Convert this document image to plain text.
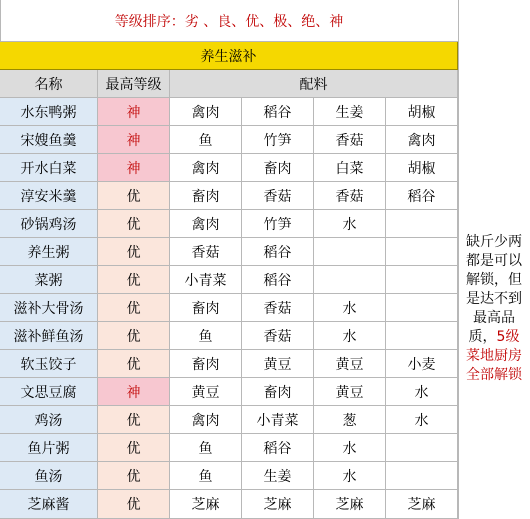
等级排序：劣 、良、优、极、绝、神
养生滋补
名称	最高等级	配料
水东鸭粥	神	禽肉	稻谷	生姜	胡椒
宋嫂鱼羹	神	鱼	竹笋	香菇	禽肉
开水白菜	神	禽肉	畜肉	白菜	胡椒
淳安米羹	优	畜肉	香菇	香菇	稻谷
砂锅鸡汤	优	禽肉	竹笋	水
养生粥	优	香菇	稻谷
菜粥	优	小青菜	稻谷
滋补大骨汤	优	畜肉	香菇	水
滋补鲜鱼汤	优	鱼	香菇	水
软玉饺子	优	畜肉	黄豆	黄豆	小麦
文思豆腐	神	黄豆	畜肉	黄豆	水
鸡汤	优	禽肉	小青菜	葱	水
鱼片粥	优	鱼	稻谷	水
鱼汤	优	鱼	生姜	水
芝麻酱	优	芝麻	芝麻	芝麻	芝麻
缺斤少两都是可以解锁，但是达不到最高品质，5级菜地厨房全部解锁
